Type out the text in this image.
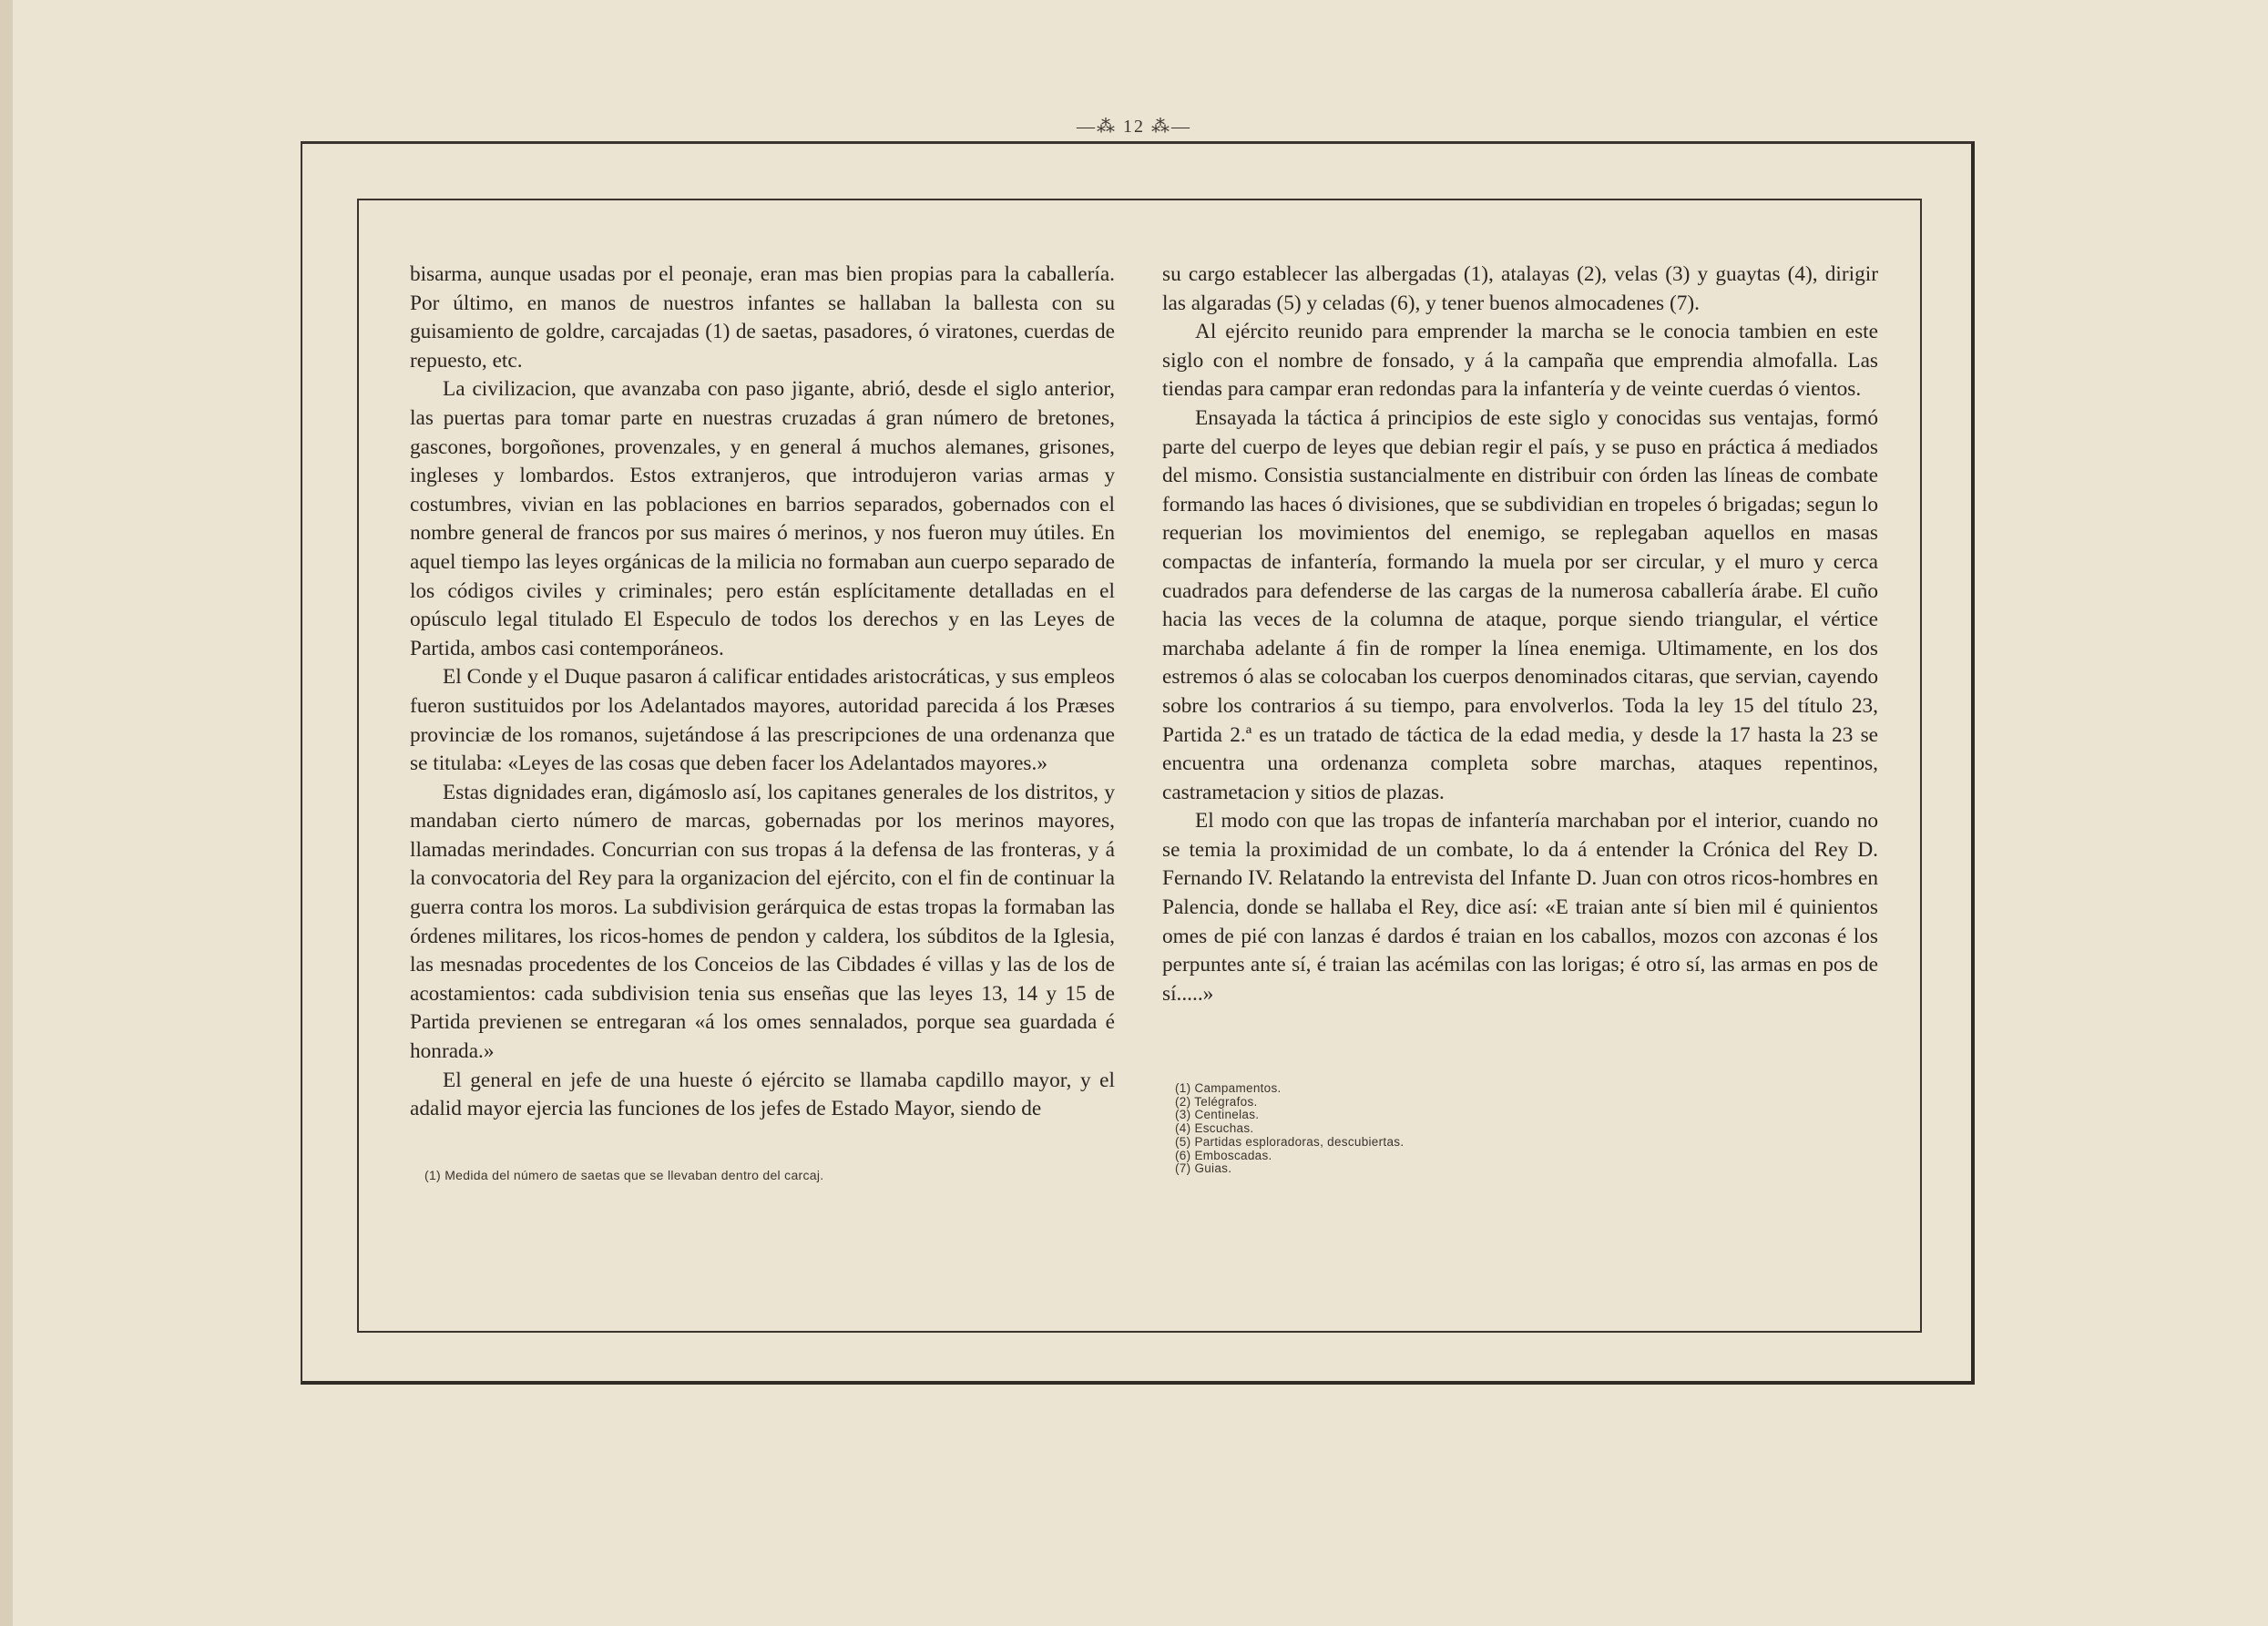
—⁂ 12 ⁂—

bisarma, aunque usadas por el peonaje, eran mas bien propias para la caballería. Por último, en manos de nuestros infantes se hallaban la ballesta con su guisamiento de goldre, carcajadas (1) de saetas, pasadores, ó viratones, cuerdas de repuesto, etc.

La civilizacion, que avanzaba con paso jigante, abrió, desde el siglo anterior, las puertas para tomar parte en nuestras cruzadas á gran número de bretones, gascones, borgoñones, provenzales, y en general á muchos alemanes, grisones, ingleses y lombardos. Estos extranjeros, que introdujeron varias armas y costumbres, vivian en las poblaciones en barrios separados, gobernados con el nombre general de francos por sus maires ó merinos, y nos fueron muy útiles. En aquel tiempo las leyes orgánicas de la milicia no formaban aun cuerpo separado de los códigos civiles y criminales; pero están esplícitamente detalladas en el opúsculo legal titulado El Especulo de todos los derechos y en las Leyes de Partida, ambos casi contemporáneos.

El Conde y el Duque pasaron á calificar entidades aristocráticas, y sus empleos fueron sustituidos por los Adelantados mayores, autoridad parecida á los Præses provinciæ de los romanos, sujetándose á las prescripciones de una ordenanza que se titulaba: «Leyes de las cosas que deben facer los Adelantados mayores.»

Estas dignidades eran, digámoslo así, los capitanes generales de los distritos, y mandaban cierto número de marcas, gobernadas por los merinos mayores, llamadas merindades. Concurrian con sus tropas á la defensa de las fronteras, y á la convocatoria del Rey para la organizacion del ejército, con el fin de continuar la guerra contra los moros. La subdivision gerárquica de estas tropas la formaban las órdenes militares, los ricos-homes de pendon y caldera, los súbditos de la Iglesia, las mesnadas procedentes de los Conceios de las Cibdades é villas y las de los de acostamientos: cada subdivision tenia sus enseñas que las leyes 13, 14 y 15 de Partida previenen se entregaran «á los omes sennalados, porque sea guardada é honrada.»

El general en jefe de una hueste ó ejército se llamaba capdillo mayor, y el adalid mayor ejercia las funciones de los jefes de Estado Mayor, siendo de

su cargo establecer las albergadas (1), atalayas (2), velas (3) y guaytas (4), dirigir las algaradas (5) y celadas (6), y tener buenos almocadenes (7).

Al ejército reunido para emprender la marcha se le conocia tambien en este siglo con el nombre de fonsado, y á la campaña que emprendia almofalla. Las tiendas para campar eran redondas para la infantería y de veinte cuerdas ó vientos.

Ensayada la táctica á principios de este siglo y conocidas sus ventajas, formó parte del cuerpo de leyes que debian regir el país, y se puso en práctica á mediados del mismo. Consistia sustancialmente en distribuir con órden las líneas de combate formando las haces ó divisiones, que se subdividian en tropeles ó brigadas; segun lo requerian los movimientos del enemigo, se replegaban aquellos en masas compactas de infantería, formando la muela por ser circular, y el muro y cerca cuadrados para defenderse de las cargas de la numerosa caballería árabe. El cuño hacia las veces de la columna de ataque, porque siendo triangular, el vértice marchaba adelante á fin de romper la línea enemiga. Ultimamente, en los dos estremos ó alas se colocaban los cuerpos denominados citaras, que servian, cayendo sobre los contrarios á su tiempo, para envolverlos. Toda la ley 15 del título 23, Partida 2.ª es un tratado de táctica de la edad media, y desde la 17 hasta la 23 se encuentra una ordenanza completa sobre marchas, ataques repentinos, castrametacion y sitios de plazas.

El modo con que las tropas de infantería marchaban por el interior, cuando no se temia la proximidad de un combate, lo da á entender la Crónica del Rey D. Fernando IV. Relatando la entrevista del Infante D. Juan con otros ricos-hombres en Palencia, donde se hallaba el Rey, dice así: «E traian ante sí bien mil é quinientos omes de pié con lanzas é dardos é traian en los caballos, mozos con azconas é los perpuntes ante sí, é traian las acémilas con las lorigas; é otro sí, las armas en pos de sí.....»

(1) Medida del número de saetas que se llevaban dentro del carcaj.
(1) Campamentos.
(2) Telégrafos.
(3) Centinelas.
(4) Escuchas.
(5) Partidas esploradoras, descubiertas.
(6) Emboscadas.
(7) Guias.
